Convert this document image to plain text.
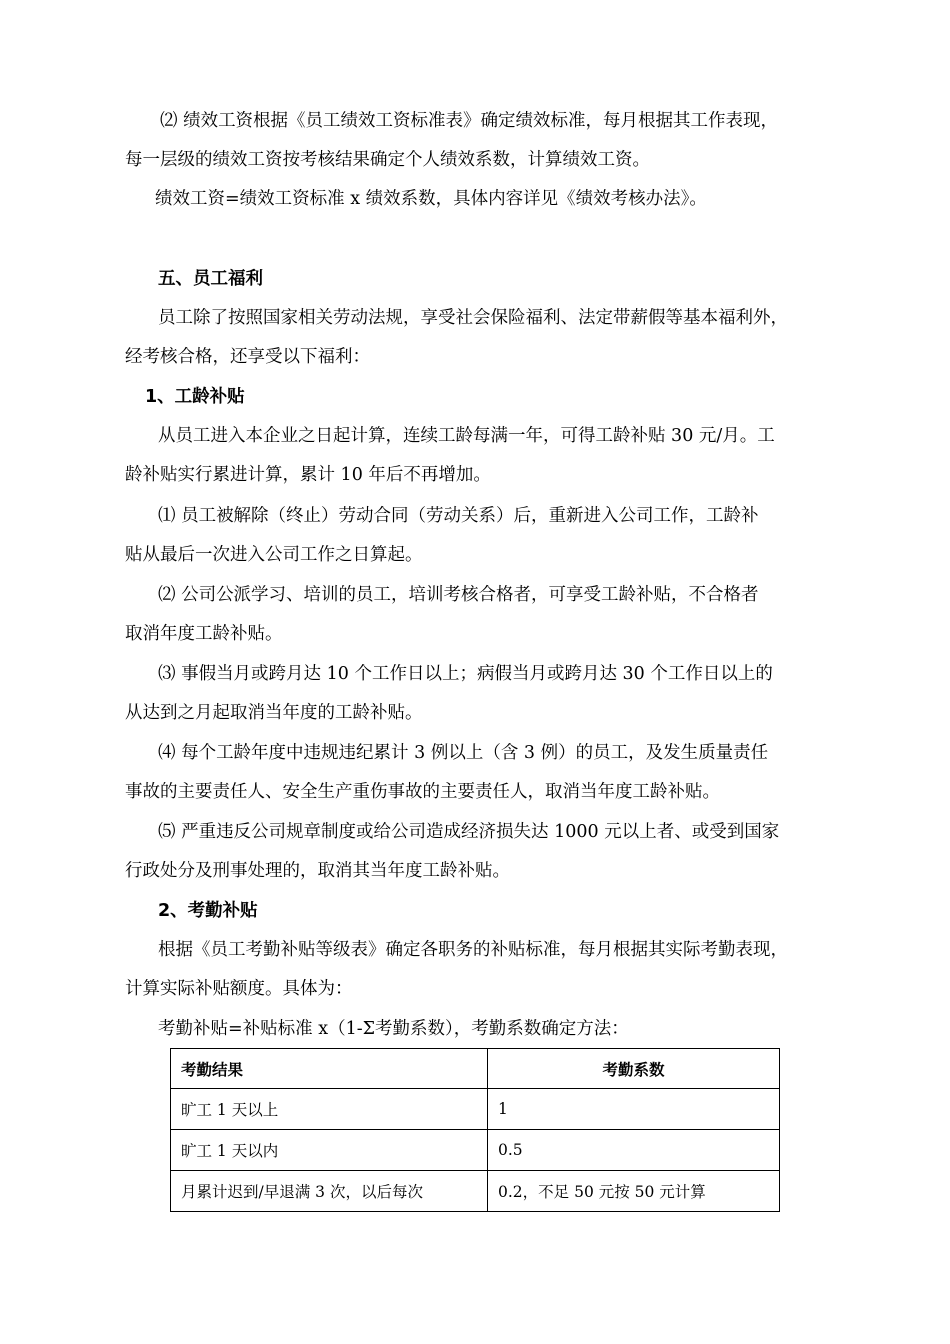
⑵ 绩效工资根据《员工绩效工资标准表》确定绩效标准，每月根据其工作表现，
每一层级的绩效工资按考核结果确定个人绩效系数，计算绩效工资。
绩效工资=绩效工资标准 x 绩效系数，具体内容详见《绩效考核办法》。
五、员工福利
员工除了按照国家相关劳动法规，享受社会保险福利、法定带薪假等基本福利外，
经考核合格，还享受以下福利：
1、工龄补贴
从员工进入本企业之日起计算，连续工龄每满一年，可得工龄补贴 30 元/月。工
龄补贴实行累进计算，累计 10 年后不再增加。
⑴ 员工被解除（终止）劳动合同（劳动关系）后，重新进入公司工作，工龄补
贴从最后一次进入公司工作之日算起。
⑵ 公司公派学习、培训的员工，培训考核合格者，可享受工龄补贴，不合格者
取消年度工龄补贴。
⑶ 事假当月或跨月达 10 个工作日以上；病假当月或跨月达 30 个工作日以上的
从达到之月起取消当年度的工龄补贴。
⑷ 每个工龄年度中违规违纪累计 3 例以上（含 3 例）的员工，及发生质量责任
事故的主要责任人、安全生产重伤事故的主要责任人，取消当年度工龄补贴。
⑸ 严重违反公司规章制度或给公司造成经济损失达 1000 元以上者、或受到国家
行政处分及刑事处理的，取消其当年度工龄补贴。
2、考勤补贴
根据《员工考勤补贴等级表》确定各职务的补贴标准，每月根据其实际考勤表现，
计算实际补贴额度。具体为：
考勤补贴=补贴标准 x（1-Σ考勤系数），考勤系数确定方法：
考勤结果	考勤系数
旷工 1 天以上	1
旷工 1 天以内	0.5
月累计迟到/早退满 3 次，以后每次	0.2，不足 50 元按 50 元计算
